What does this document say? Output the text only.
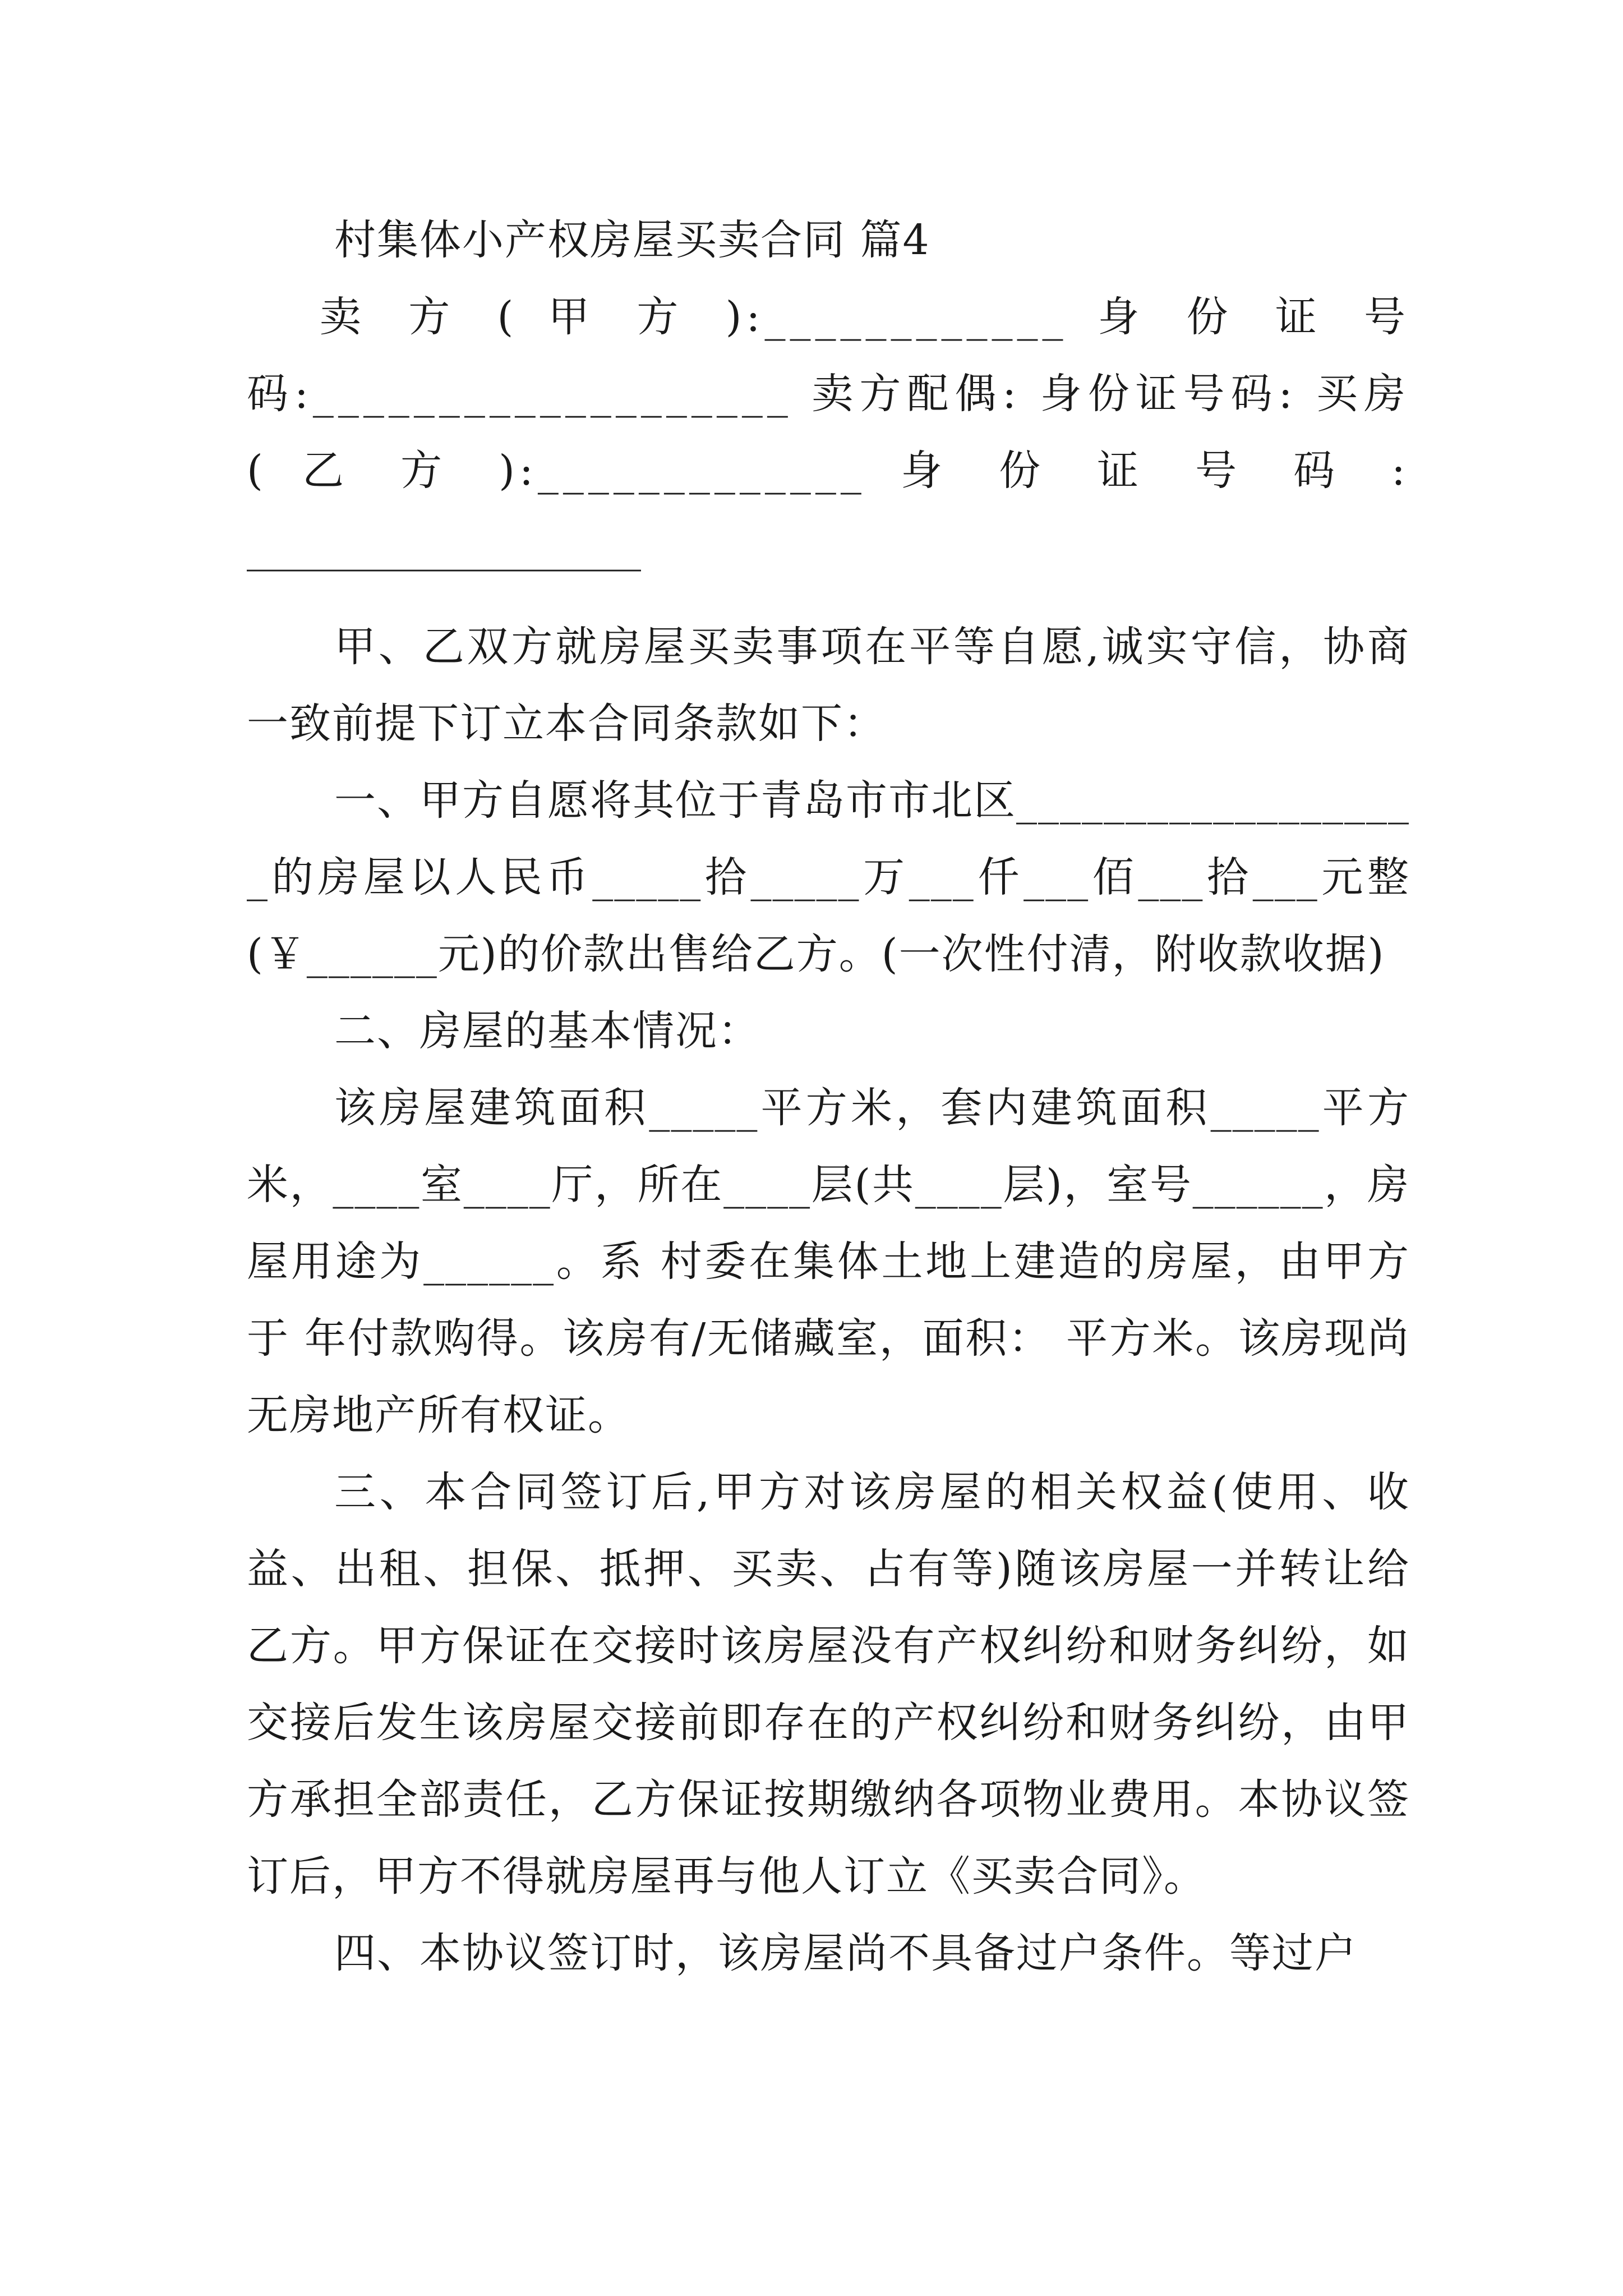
村集体小产权房屋买卖合同 篇4

卖 方 ( 甲 方 ):____________ 身 份 证 号

码:___________________ 卖方配偶: 身份证号码: 买房

( 乙 方 ):_____________ 身 份 证 号 码 :

___________________

甲、乙双方就房屋买卖事项在平等自愿,诚实守信，协商一致前提下订立本合同条款如下：

一、甲方自愿将其位于青岛市市北区___________________的房屋以人民币_____拾_____万___仟___佰___拾___元整(￥______元)的价款出售给乙方。(一次性付清，附收款收据)

二、房屋的基本情况：

该房屋建筑面积_____平方米，套内建筑面积_____平方米，____室____厅，所在____层(共____层)，室号______，房屋用途为______。系 村委在集体土地上建造的房屋，由甲方于 年付款购得。该房有/无储藏室，面积： 平方米。该房现尚无房地产所有权证。

三、本合同签订后,甲方对该房屋的相关权益(使用、收益、出租、担保、抵押、买卖、占有等)随该房屋一并转让给乙方。甲方保证在交接时该房屋没有产权纠纷和财务纠纷，如交接后发生该房屋交接前即存在的产权纠纷和财务纠纷，由甲方承担全部责任，乙方保证按期缴纳各项物业费用。本协议签订后，甲方不得就房屋再与他人订立《买卖合同》。

四、本协议签订时，该房屋尚不具备过户条件。等过户
